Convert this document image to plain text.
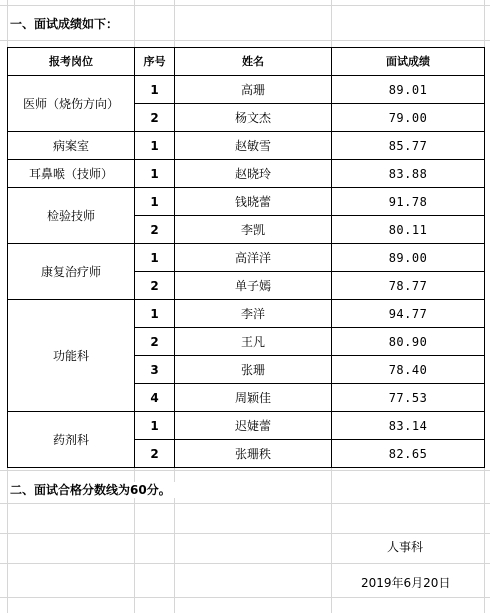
一、面试成绩如下：
报考岗位	序号	姓名	面试成绩
医师（烧伤方向）	1	高珊	89.01
	2	杨文杰	79.00
病案室	1	赵敏雪	85.77
耳鼻喉（技师）	1	赵晓玲	83.88
检验技师	1	钱晓蕾	91.78
	2	李凯	80.11
康复治疗师	1	高洋洋	89.00
	2	单子嫣	78.77
功能科	1	李洋	94.77
	2	王凡	80.90
	3	张珊	78.40
	4	周颖佳	77.53
药剂科	1	迟婕蕾	83.14
	2	张珊秩	82.65
二、面试合格分数线为60分。
人事科
2019年6月20日
